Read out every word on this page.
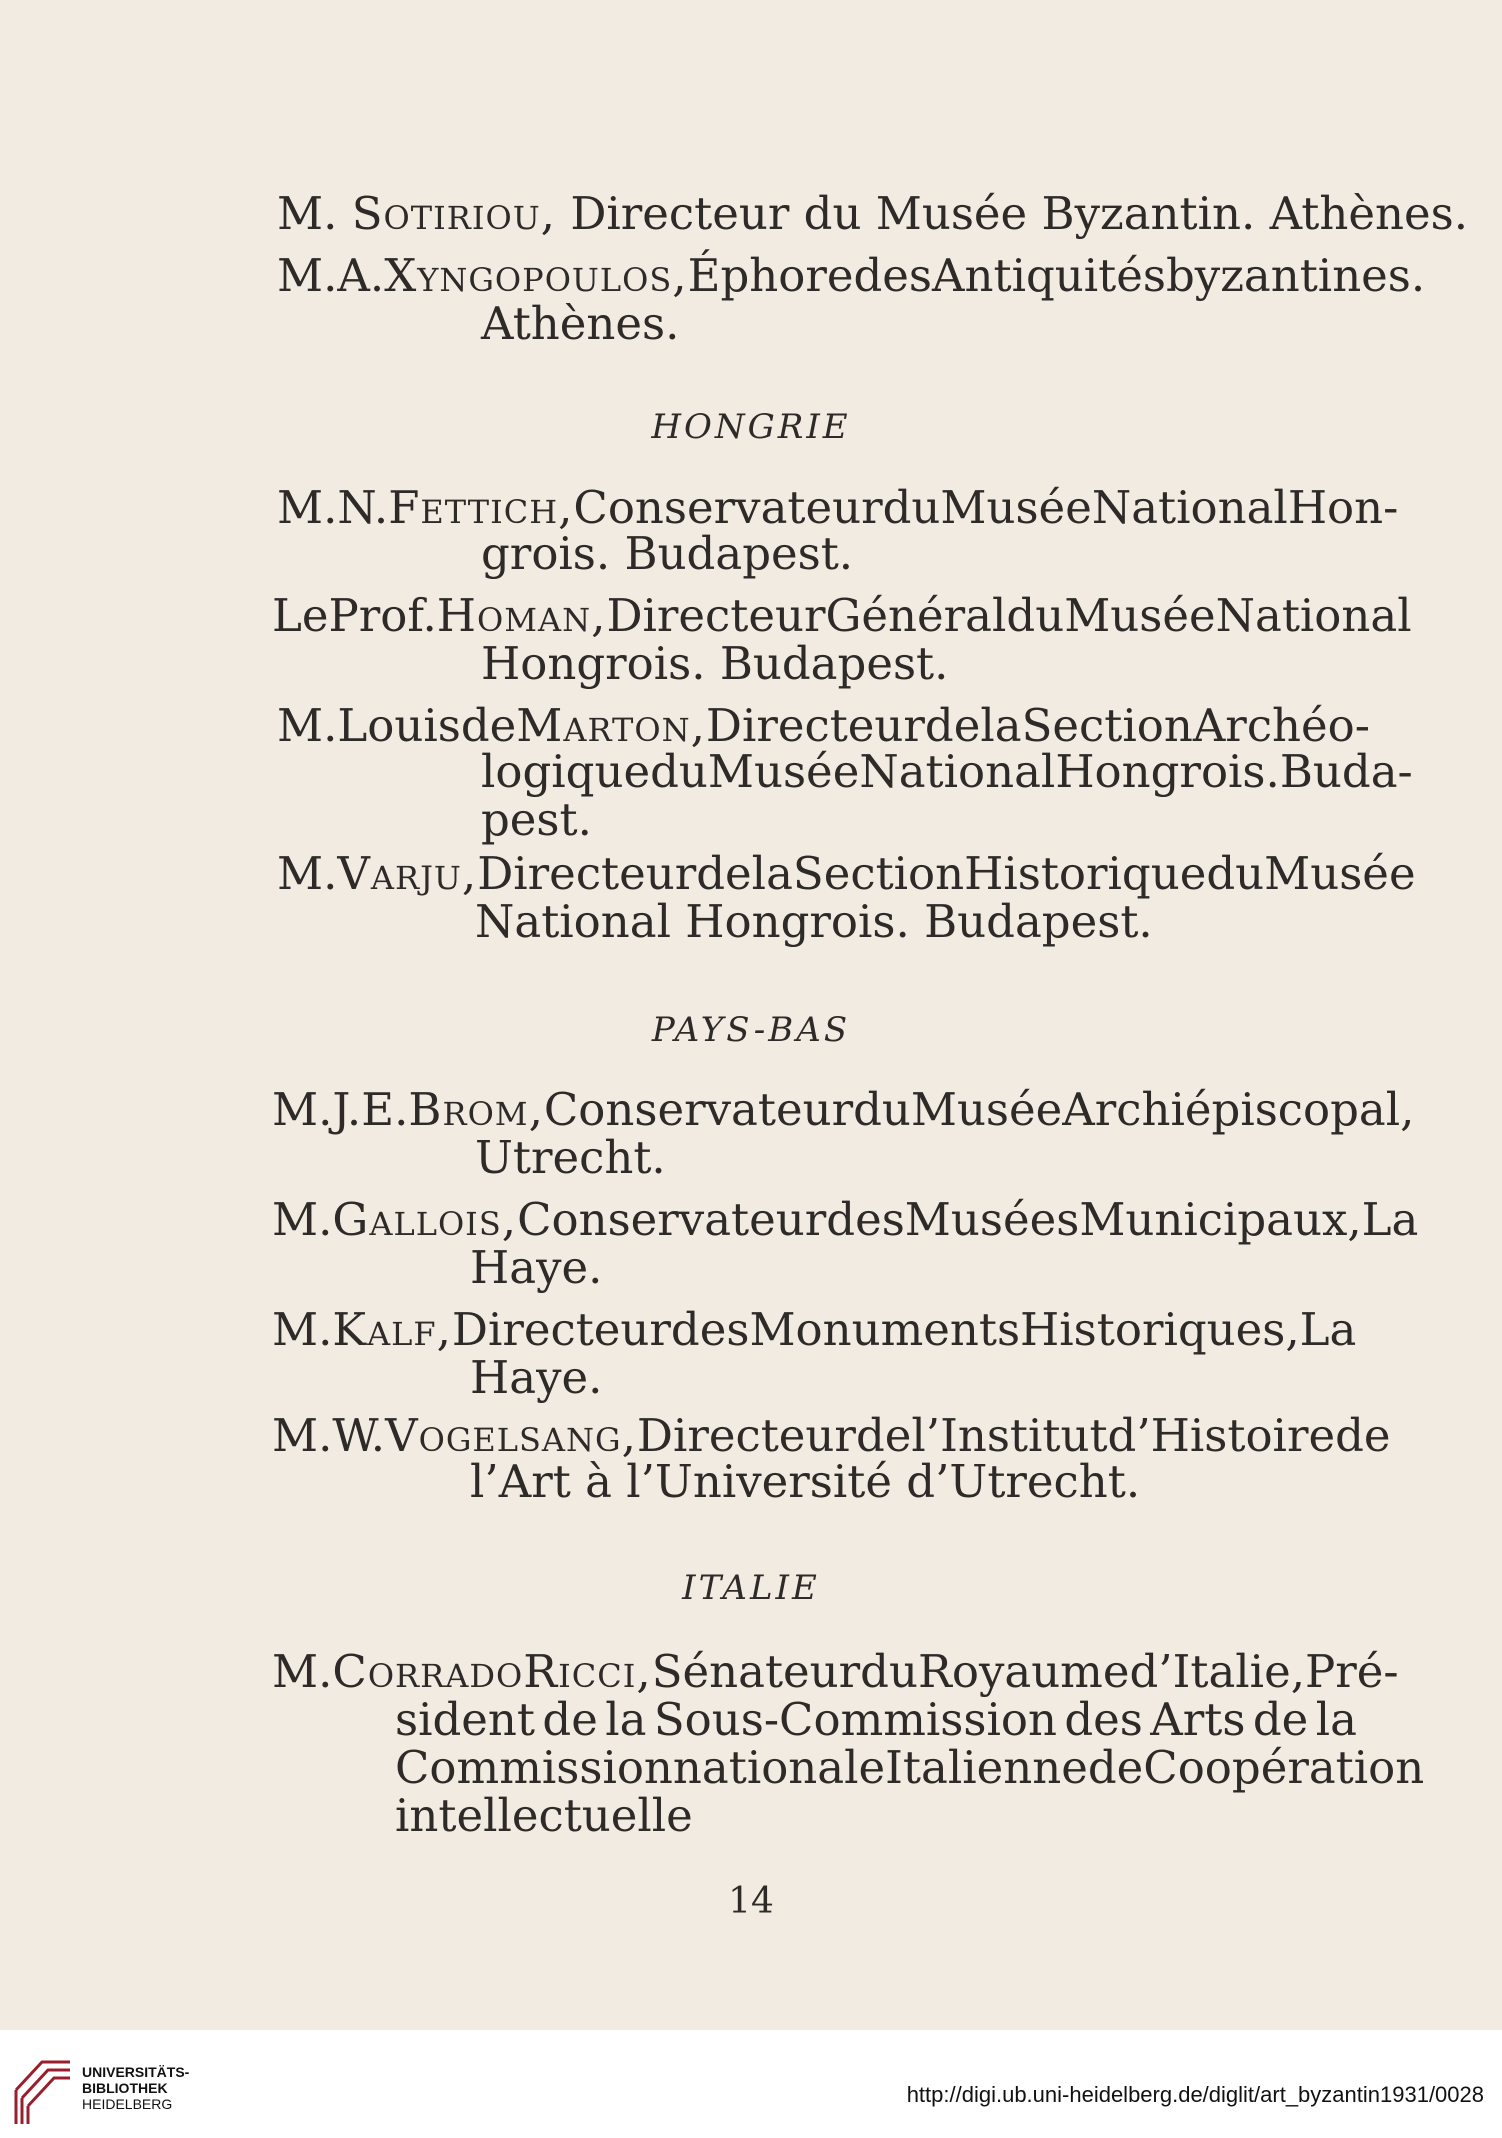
M. Sotiriou, Directeur du Musée Byzantin. Athènes.
M. A. Xyngopoulos, Éphore des Antiquités byzantines.
Athènes.
HONGRIE
M. N. Fettich, Conservateur du Musée National Hon-
grois. Budapest.
Le Prof. Homan, Directeur Général du Musée National
Hongrois. Budapest.
M. Louis de Marton, Directeur de la Section Archéo-
logique du Musée National Hongrois. Buda-
pest.
M. Varju, Directeur de la Section Historique du Musée
National Hongrois. Budapest.
PAYS-BAS
M. J. E. Brom, Conservateur du Musée Archiépiscopal,
Utrecht.
M. Gallois, Conservateur des Musées Municipaux, La
Haye.
M. Kalf, Directeur des Monuments Historiques, La
Haye.
M. W. Vogelsang, Directeur de l’Institut d’Histoire de
l’Art à l’Université d’Utrecht.
ITALIE
M. Corrado Ricci, Sénateur du Royaume d’Italie, Pré-
sident de la Sous-Commission des Arts de la
Commission nationale Italienne de Coopération
intellectuelle
14
UNIVERSITÄTS-
BIBLIOTHEK
HEIDELBERG	http://digi.ub.uni-heidelberg.de/diglit/art_byzantin1931/0028
